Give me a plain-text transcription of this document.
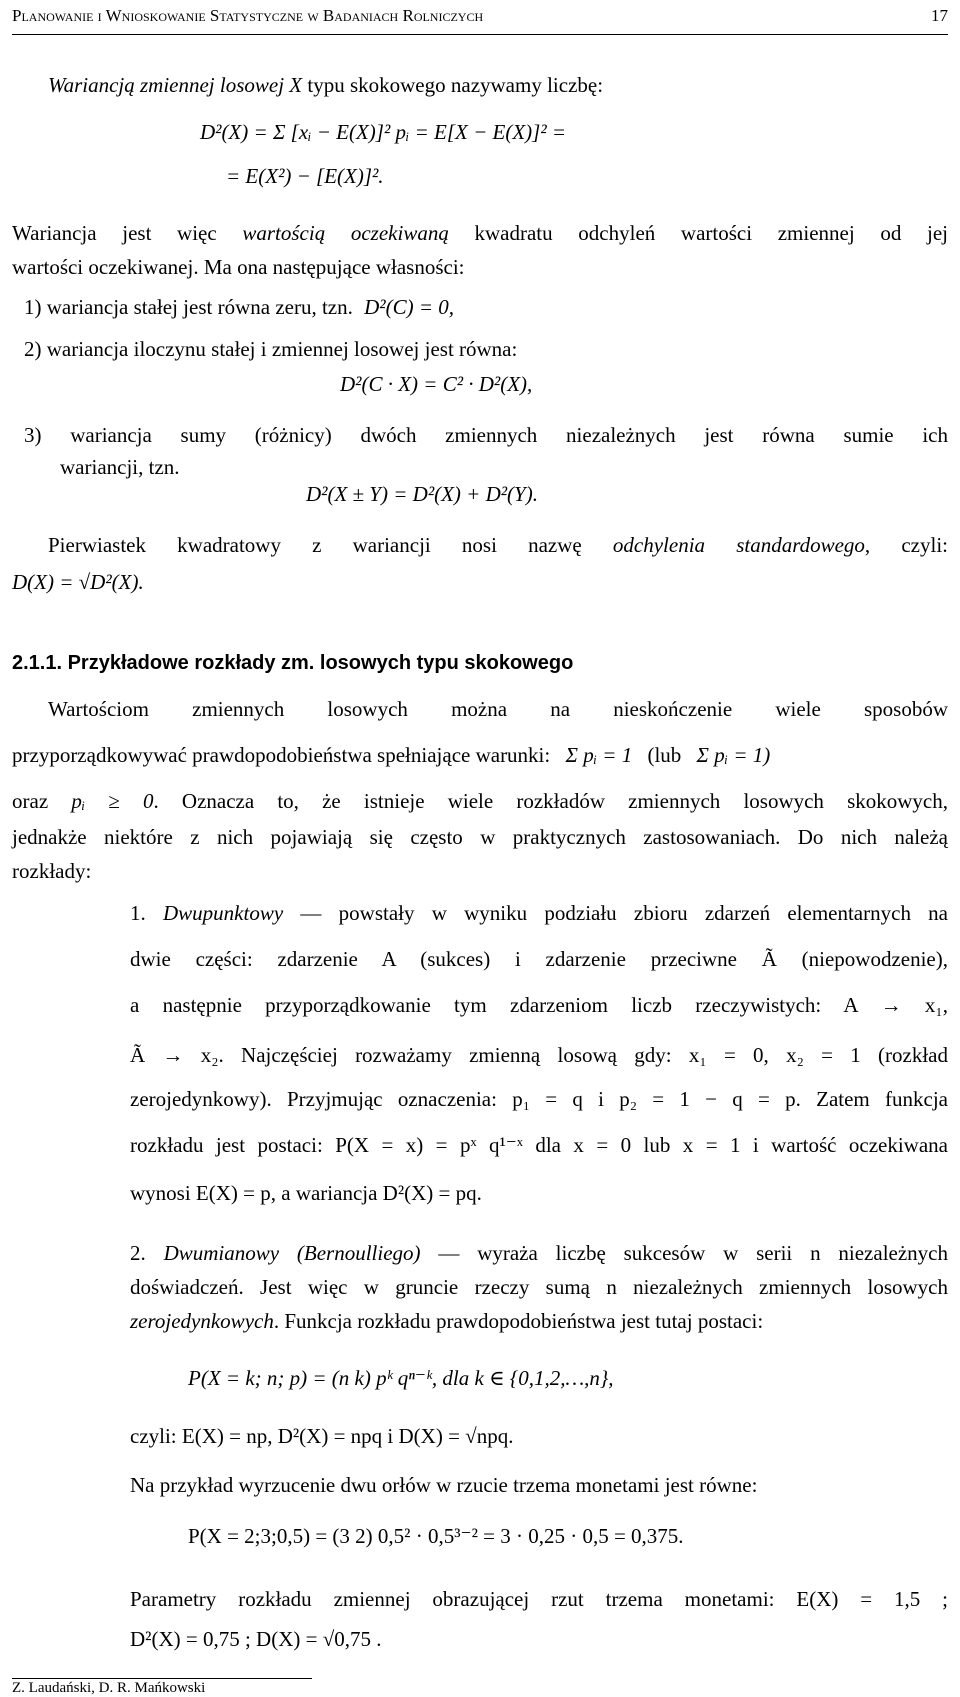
Planowanie i Wnioskowanie Statystyczne w Badaniach Rolniczych	17
Wariancją zmiennej losowej X typu skokowego nazywamy liczbę:
D²(X) = Σ [xᵢ − E(X)]² pᵢ = E[X − E(X)]² =
= E(X²) − [E(X)]².
Wariancja jest więc wartością oczekiwaną kwadratu odchyleń wartości zmiennej od jej
wartości oczekiwanej. Ma ona następujące własności:
1) wariancja stałej jest równa zeru, tzn. D²(C) = 0,
2) wariancja iloczynu stałej i zmiennej losowej jest równa:
D²(C · X) = C² · D²(X),
3) wariancja sumy (różnicy) dwóch zmiennych niezależnych jest równa sumie ich
wariancji, tzn.
D²(X ± Y) = D²(X) + D²(Y).
Pierwiastek kwadratowy z wariancji nosi nazwę odchylenia standardowego, czyli:
D(X) = √D²(X).
2.1.1. Przykładowe rozkłady zm. losowych typu skokowego
Wartościom zmiennych losowych można na nieskończenie wiele sposobów
przyporządkowywać prawdopodobieństwa spełniające warunki: Σ pᵢ = 1 (lub Σ pᵢ = 1)
oraz pᵢ ≥ 0. Oznacza to, że istnieje wiele rozkładów zmiennych losowych skokowych,
jednakże niektóre z nich pojawiają się często w praktycznych zastosowaniach. Do nich należą
rozkłady:
1. Dwupunktowy — powstały w wyniku podziału zbioru zdarzeń elementarnych na
dwie części: zdarzenie A (sukces) i zdarzenie przeciwne Ã (niepowodzenie),
a następnie przyporządkowanie tym zdarzeniom liczb rzeczywistych: A → x₁,
Ã → x₂. Najczęściej rozważamy zmienną losową gdy: x₁ = 0, x₂ = 1 (rozkład
zerojedynkowy). Przyjmując oznaczenia: p₁ = q i p₂ = 1 − q = p. Zatem funkcja
rozkładu jest postaci: P(X = x) = pˣ q¹⁻ˣ dla x = 0 lub x = 1 i wartość oczekiwana
wynosi E(X) = p, a wariancja D²(X) = pq.
2. Dwumianowy (Bernoulliego) — wyraża liczbę sukcesów w serii n niezależnych
doświadczeń. Jest więc w gruncie rzeczy sumą n niezależnych zmiennych losowych
zerojedynkowych. Funkcja rozkładu prawdopodobieństwa jest tutaj postaci:
P(X = k; n; p) = (n k) pᵏ qⁿ⁻ᵏ, dla k ∈ {0,1,2,…,n},
czyli: E(X) = np, D²(X) = npq i D(X) = √npq.
Na przykład wyrzucenie dwu orłów w rzucie trzema monetami jest równe:
P(X = 2;3;0,5) = (3 2) 0,5² · 0,5³⁻² = 3 · 0,25 · 0,5 = 0,375.
Parametry rozkładu zmiennej obrazującej rzut trzema monetami: E(X) = 1,5 ;
D²(X) = 0,75 ; D(X) = √0,75 .
Z. Laudański, D. R. Mańkowski
